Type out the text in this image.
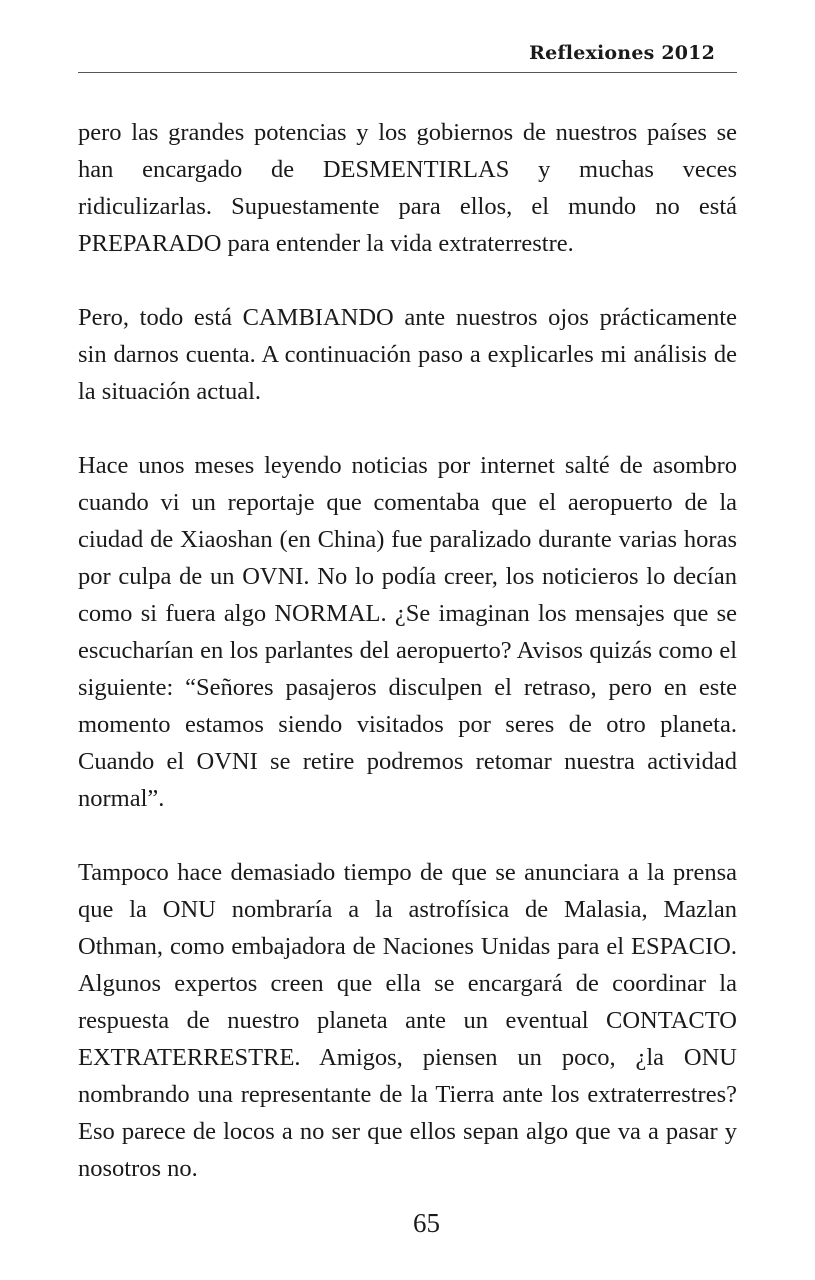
Reflexiones 2012

pero las grandes potencias y los gobiernos de nuestros países se han encargado de DESMENTIRLAS y muchas veces ridiculizarlas. Supuestamente para ellos, el mundo no está PREPARADO para entender la vida extraterrestre.

Pero, todo está CAMBIANDO ante nuestros ojos prácticamente sin darnos cuenta. A continuación paso a explicarles mi análisis de la situación actual.

Hace unos meses leyendo noticias por internet salté de asombro cuando vi un reportaje que comentaba que el aeropuerto de la ciudad de Xiaoshan (en China) fue paralizado durante varias horas por culpa de un OVNI. No lo podía creer, los noticieros lo decían como si fuera algo NORMAL. ¿Se imaginan los mensajes que se escucharían en los parlantes del aeropuerto? Avisos quizás como el siguiente: “Señores pasajeros disculpen el retraso, pero en este momento estamos siendo visitados por seres de otro planeta. Cuando el OVNI se retire podremos retomar nuestra actividad normal”.

Tampoco hace demasiado tiempo de que se anunciara a la prensa que la ONU nombraría a la astrofísica de Malasia, Mazlan Othman, como embajadora de Naciones Unidas para el ESPACIO. Algunos expertos creen que ella se encargará de coordinar la respuesta de nuestro planeta ante un eventual CONTACTO EXTRATERRESTRE. Amigos, piensen un poco, ¿la ONU nombrando una representante de la Tierra ante los extraterrestres? Eso parece de locos a no ser que ellos sepan algo que va a pasar y nosotros no.

65
